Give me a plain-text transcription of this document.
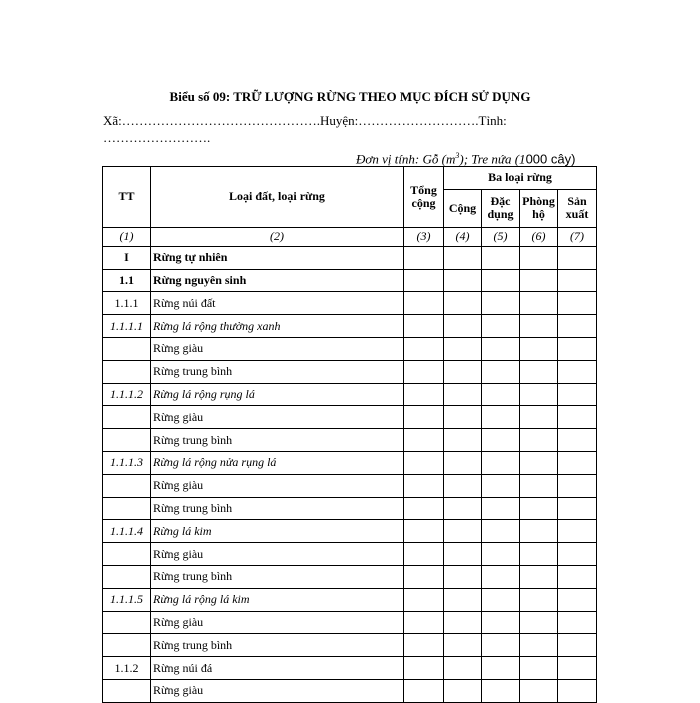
Biểu số 09: TRỮ LƯỢNG RỪNG THEO MỤC ĐÍCH SỬ DỤNG
Xã:……………………………………….Huyện:……………………….Tỉnh:
…………………….
Đơn vị tính: Gỗ $(m^3)$; Tre nứa (1000 cây)
TT	Loại đất, loại rừng	Tổng cộng	Ba loại rừng			
			Cộng	Đặc dụng	Phòng hộ	Sản xuất
(1)	(2)	(3)	(4)	(5)	(6)	(7)
I	Rừng tự nhiên					
1.1	Rừng nguyên sinh					
1.1.1	Rừng núi đất					
1.1.1.1	Rừng lá rộng thường xanh					
	Rừng giàu					
	Rừng trung bình					
1.1.1.2	Rừng lá rộng rụng lá					
	Rừng giàu					
	Rừng trung bình					
1.1.1.3	Rừng lá rộng nửa rụng lá					
	Rừng giàu					
	Rừng trung bình					
1.1.1.4	Rừng lá kim					
	Rừng giàu					
	Rừng trung bình					
1.1.1.5	Rừng lá rộng lá kim					
	Rừng giàu					
	Rừng trung bình					
1.1.2	Rừng núi đá					
	Rừng giàu					
